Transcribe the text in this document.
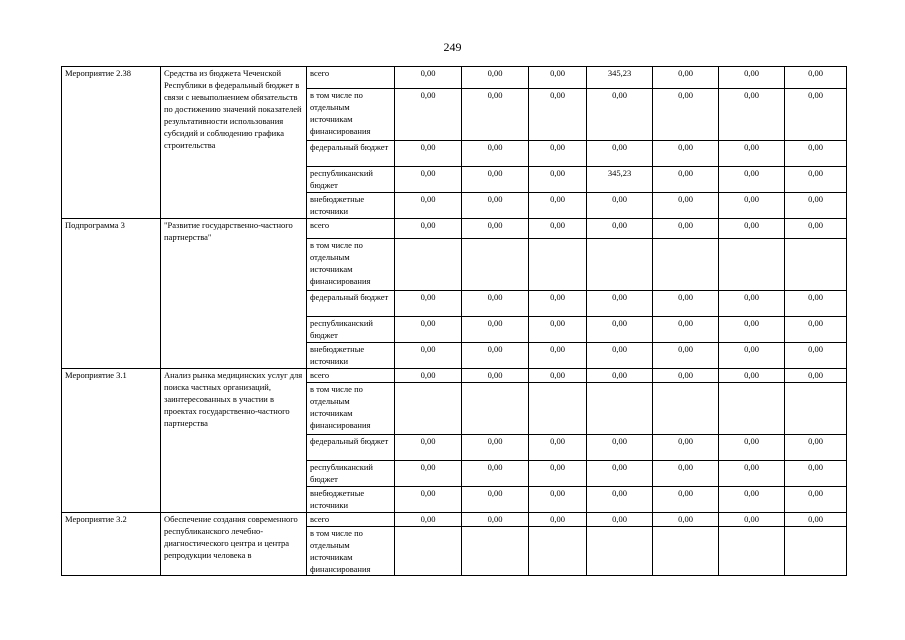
249
Мероприятие 2.38	Средства из бюджета Чеченской Республики в федеральный бюджет в связи с невыполнением обязательств по достижению значений показателей результативности использования субсидий и соблюдению графика строительства	всего	0,00	0,00	0,00	345,23	0,00	0,00	0,00
		в том числе по отдельным источникам финансирования	0,00	0,00	0,00	0,00	0,00	0,00	0,00
		федеральный бюджет	0,00	0,00	0,00	0,00	0,00	0,00	0,00
		республиканский бюджет	0,00	0,00	0,00	345,23	0,00	0,00	0,00
		внебюджетные источники	0,00	0,00	0,00	0,00	0,00	0,00	0,00
Подпрограмма 3	"Развитие государственно-частного партнерства"	всего	0,00	0,00	0,00	0,00	0,00	0,00	0,00
		в том числе по отдельным источникам финансирования							
		федеральный бюджет	0,00	0,00	0,00	0,00	0,00	0,00	0,00
		республиканский бюджет	0,00	0,00	0,00	0,00	0,00	0,00	0,00
		внебюджетные источники	0,00	0,00	0,00	0,00	0,00	0,00	0,00
Мероприятие 3.1	Анализ рынка медицинских услуг для поиска частных организаций, заинтересованных в участии в проектах государственно-частного партнерства	всего	0,00	0,00	0,00	0,00	0,00	0,00	0,00
		в том числе по отдельным источникам финансирования							
		федеральный бюджет	0,00	0,00	0,00	0,00	0,00	0,00	0,00
		республиканский бюджет	0,00	0,00	0,00	0,00	0,00	0,00	0,00
		внебюджетные источники	0,00	0,00	0,00	0,00	0,00	0,00	0,00
Мероприятие 3.2	Обеспечение создания современного республиканского лечебно-диагностического центра и центра репродукции человека в	всего	0,00	0,00	0,00	0,00	0,00	0,00	0,00
		в том числе по отдельным источникам финансирования							
